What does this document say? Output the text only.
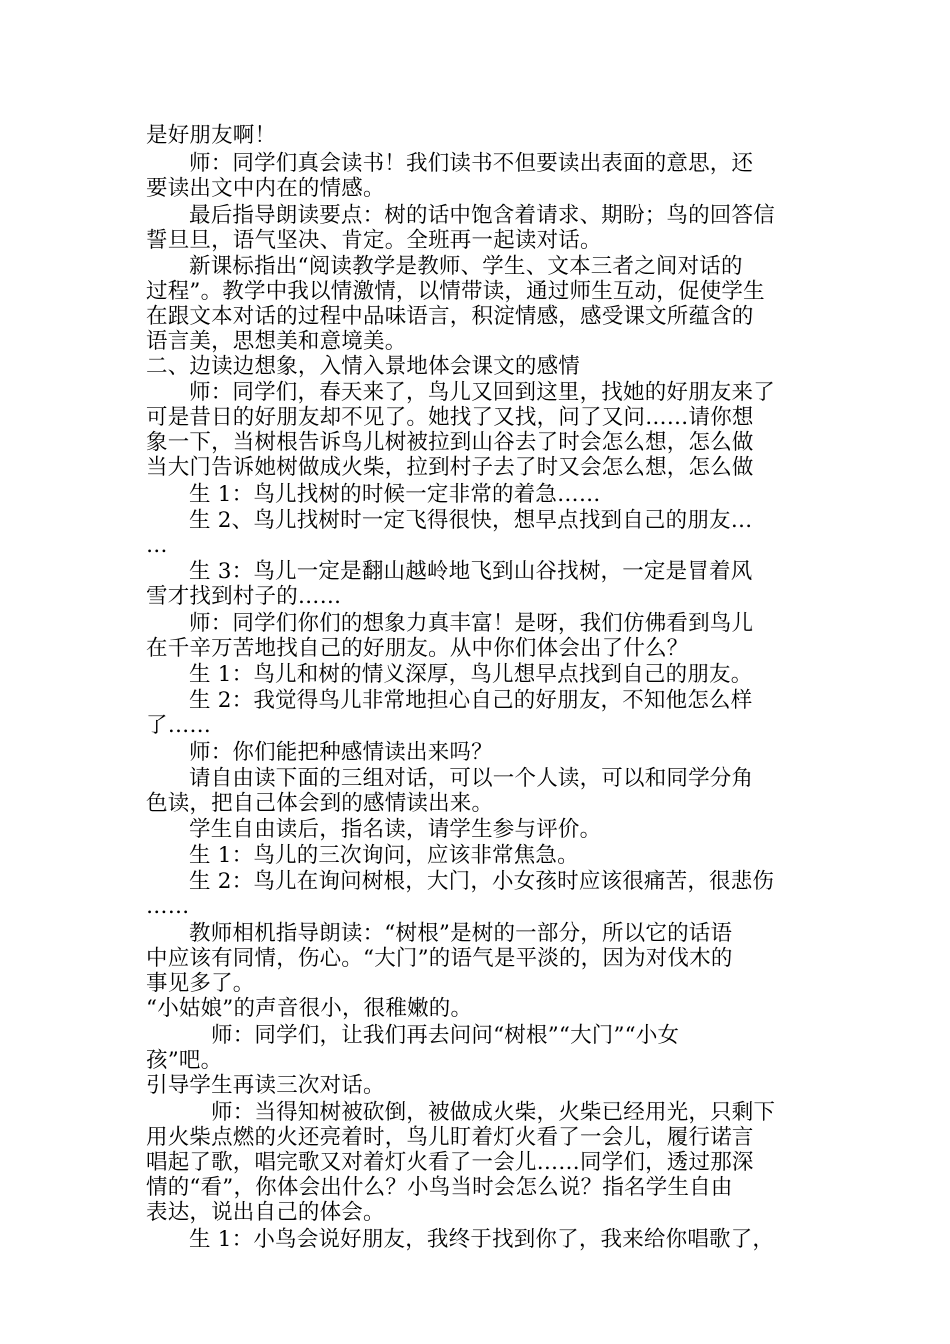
是好朋友啊！
师：同学们真会读书！我们读书不但要读出表面的意思，还
要读出文中内在的情感。
最后指导朗读要点：树的话中饱含着请求、期盼；鸟的回答信
誓旦旦，语气坚决、肯定。全班再一起读对话。
新课标指出“阅读教学是教师、学生、文本三者之间对话的
过程”。教学中我以情激情，以情带读，通过师生互动，促使学生
在跟文本对话的过程中品味语言，积淀情感，感受课文所蕴含的
语言美，思想美和意境美。
二、边读边想象，入情入景地体会课文的感情
师：同学们，春天来了，鸟儿又回到这里，找她的好朋友来了
可是昔日的好朋友却不见了。她找了又找，问了又问……请你想
象一下，当树根告诉鸟儿树被拉到山谷去了时会怎么想，怎么做
当大门告诉她树做成火柴，拉到村子去了时又会怎么想，怎么做
生 1：鸟儿找树的时候一定非常的着急……
生 2、鸟儿找树时一定飞得很快，想早点找到自己的朋友…
…
生 3：鸟儿一定是翻山越岭地飞到山谷找树，一定是冒着风
雪才找到村子的……
师：同学们你们的想象力真丰富！是呀，我们仿佛看到鸟儿
在千辛万苦地找自己的好朋友。从中你们体会出了什么？
生 1：鸟儿和树的情义深厚，鸟儿想早点找到自己的朋友。
生 2：我觉得鸟儿非常地担心自己的好朋友，不知他怎么样
了……
师：你们能把种感情读出来吗？
请自由读下面的三组对话，可以一个人读，可以和同学分角
色读，把自己体会到的感情读出来。
学生自由读后，指名读，请学生参与评价。
生 1：鸟儿的三次询问，应该非常焦急。
生 2：鸟儿在询问树根，大门，小女孩时应该很痛苦，很悲伤
……
教师相机指导朗读：“树根”是树的一部分，所以它的话语
中应该有同情，伤心。“大门”的语气是平淡的，因为对伐木的
事见多了。
“小姑娘”的声音很小，很稚嫩的。
师：同学们，让我们再去问问“树根”“大门”“小女
孩”吧。
引导学生再读三次对话。
师：当得知树被砍倒，被做成火柴，火柴已经用光，只剩下
用火柴点燃的火还亮着时，鸟儿盯着灯火看了一会儿，履行诺言
唱起了歌，唱完歌又对着灯火看了一会儿……同学们，透过那深
情的“看”，你体会出什么？小鸟当时会怎么说？指名学生自由
表达，说出自己的体会。
生 1：小鸟会说好朋友，我终于找到你了，我来给你唱歌了，
